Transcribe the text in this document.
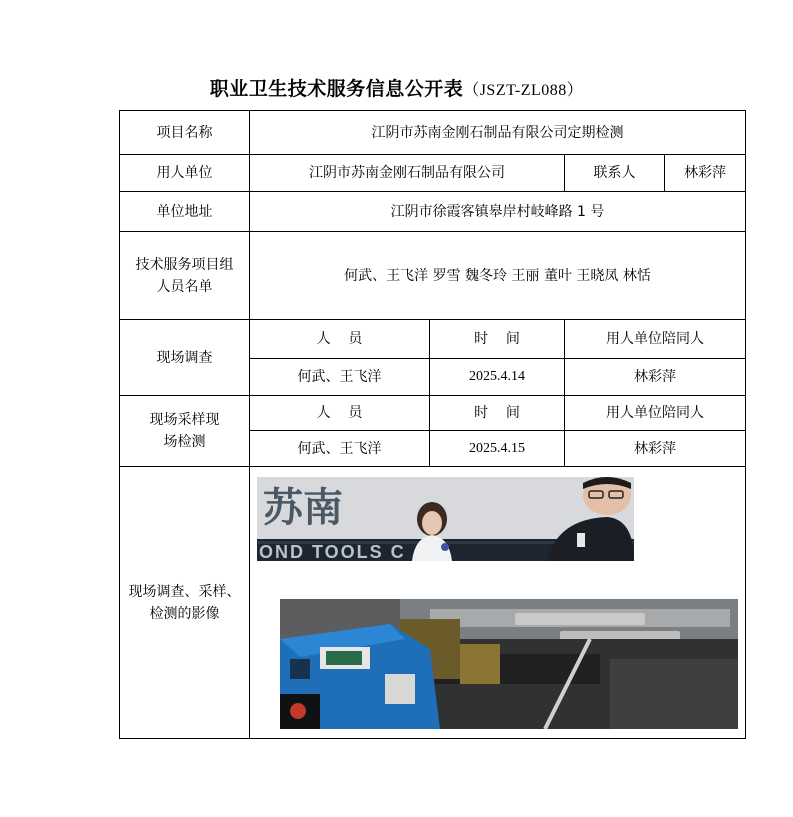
职业卫生技术服务信息公开表（JSZT-ZL088）
项目名称	江阴市苏南金刚石制品有限公司定期检测			
用人单位	江阴市苏南金刚石制品有限公司		联系人	林彩萍
单位地址	江阴市徐霞客镇皋岸村岐峰路 1 号			
技术服务项目组人员名单	何武、王飞洋 罗雪 魏冬玲 王丽 董叶 王晓凤 林恬			
现场调查	人    员	时    间	用人单位陪同人	
	何武、王飞洋	2025.4.14	林彩萍	
现场采样现场检测	人    员	时    间	用人单位陪同人	
	何武、王飞洋	2025.4.15	林彩萍	
现场调查、采样、检测的影像	苏南
OND TOOLS C			
